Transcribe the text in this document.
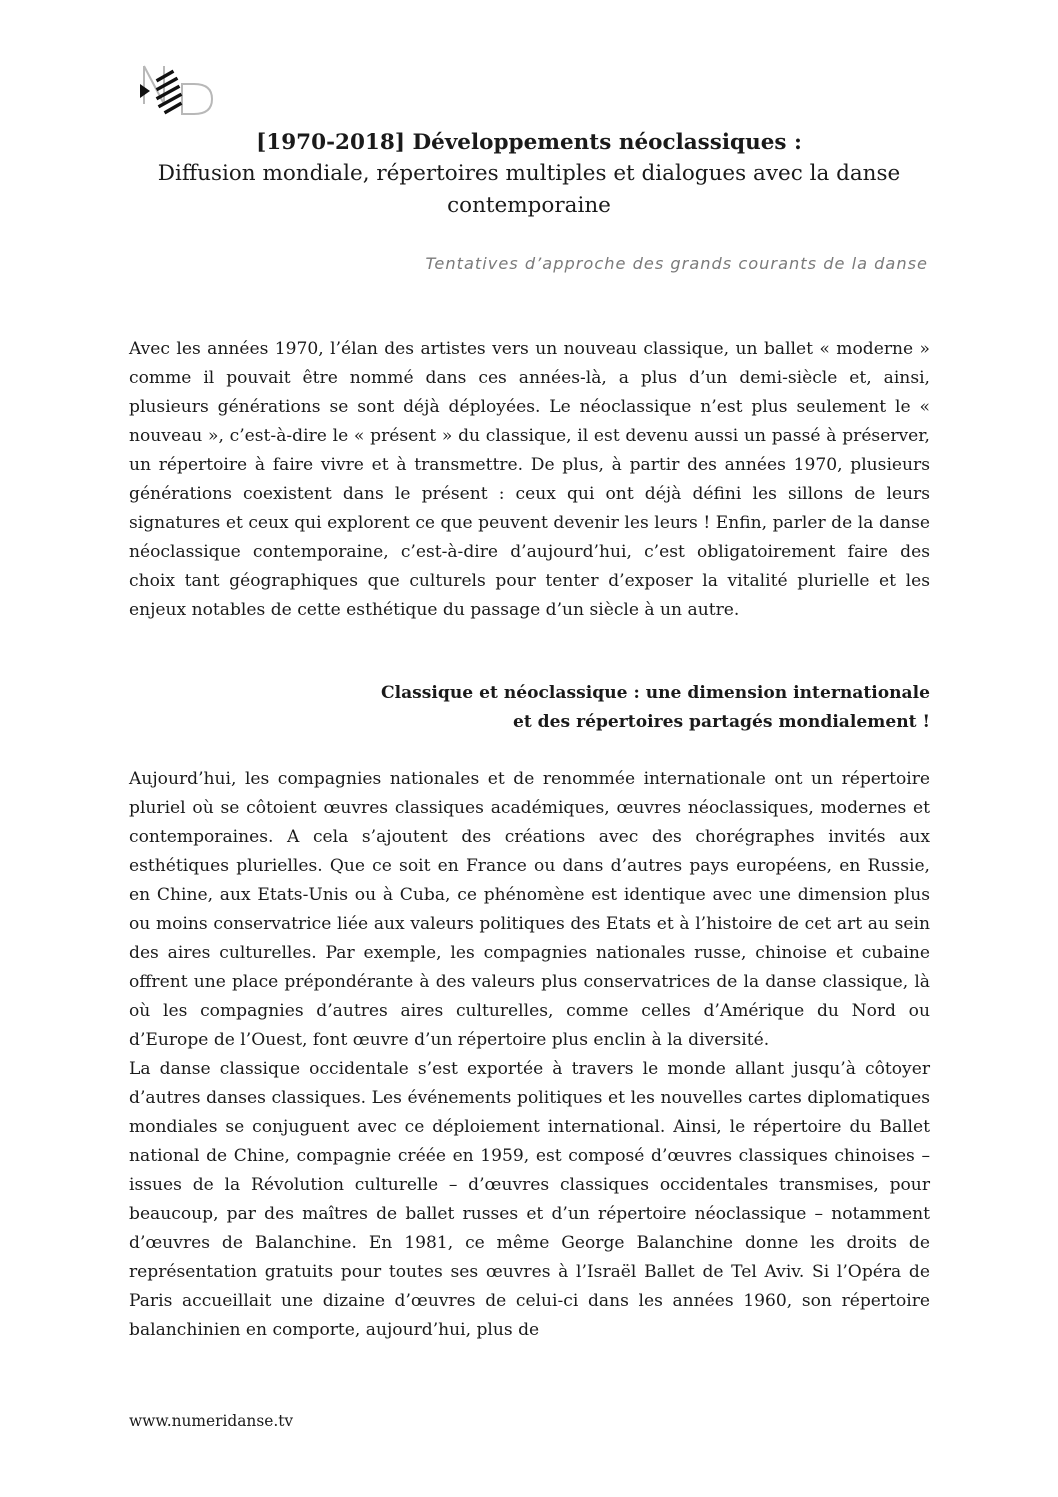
[1970-2018] Développements néoclassiques :
Diffusion mondiale, répertoires multiples et dialogues avec la danse
contemporaine
Tentatives d’approche des grands courants de la danse

Avec les années 1970, l’élan des artistes vers un nouveau classique, un ballet « moderne » comme il pouvait être nommé dans ces années-là, a plus d’un demi-siècle et, ainsi, plusieurs générations se sont déjà déployées. Le néoclassique n’est plus seulement le « nouveau », c’est-à-dire le « présent » du classique, il est devenu aussi un passé à préserver, un répertoire à faire vivre et à transmettre. De plus, à partir des années 1970, plusieurs générations coexistent dans le présent : ceux qui ont déjà défini les sillons de leurs signatures et ceux qui explorent ce que peuvent devenir les leurs ! Enfin, parler de la danse néoclassique contemporaine, c’est-à-dire d’aujourd’hui, c’est obligatoirement faire des choix tant géographiques que culturels pour tenter d’exposer la vitalité plurielle et les enjeux notables de cette esthétique du passage d’un siècle à un autre.

Classique et néoclassique : une dimension internationale
et des répertoires partagés mondialement !

Aujourd’hui, les compagnies nationales et de renommée internationale ont un répertoire pluriel où se côtoient œuvres classiques académiques, œuvres néoclassiques, modernes et contemporaines. A cela s’ajoutent des créations avec des chorégraphes invités aux esthétiques plurielles. Que ce soit en France ou dans d’autres pays européens, en Russie, en Chine, aux Etats-Unis ou à Cuba, ce phénomène est identique avec une dimension plus ou moins conservatrice liée aux valeurs politiques des Etats et à l’histoire de cet art au sein des aires culturelles. Par exemple, les compagnies nationales russe, chinoise et cubaine offrent une place prépondérante à des valeurs plus conservatrices de la danse classique, là où les compagnies d’autres aires culturelles, comme celles d’Amérique du Nord ou d’Europe de l’Ouest, font œuvre d’un répertoire plus enclin à la diversité.

La danse classique occidentale s’est exportée à travers le monde allant jusqu’à côtoyer d’autres danses classiques. Les événements politiques et les nouvelles cartes diplomatiques mondiales se conjuguent avec ce déploiement international. Ainsi, le répertoire du Ballet national de Chine, compagnie créée en 1959, est composé d’œuvres classiques chinoises – issues de la Révolution culturelle – d’œuvres classiques occidentales transmises, pour beaucoup, par des maîtres de ballet russes et d’un répertoire néoclassique – notamment d’œuvres de Balanchine. En 1981, ce même George Balanchine donne les droits de représentation gratuits pour toutes ses œuvres à l’Israël Ballet de Tel Aviv. Si l’Opéra de Paris accueillait une dizaine d’œuvres de celui-ci dans les années 1960, son répertoire balanchinien en comporte, aujourd’hui, plus de

www.numeridanse.tv
